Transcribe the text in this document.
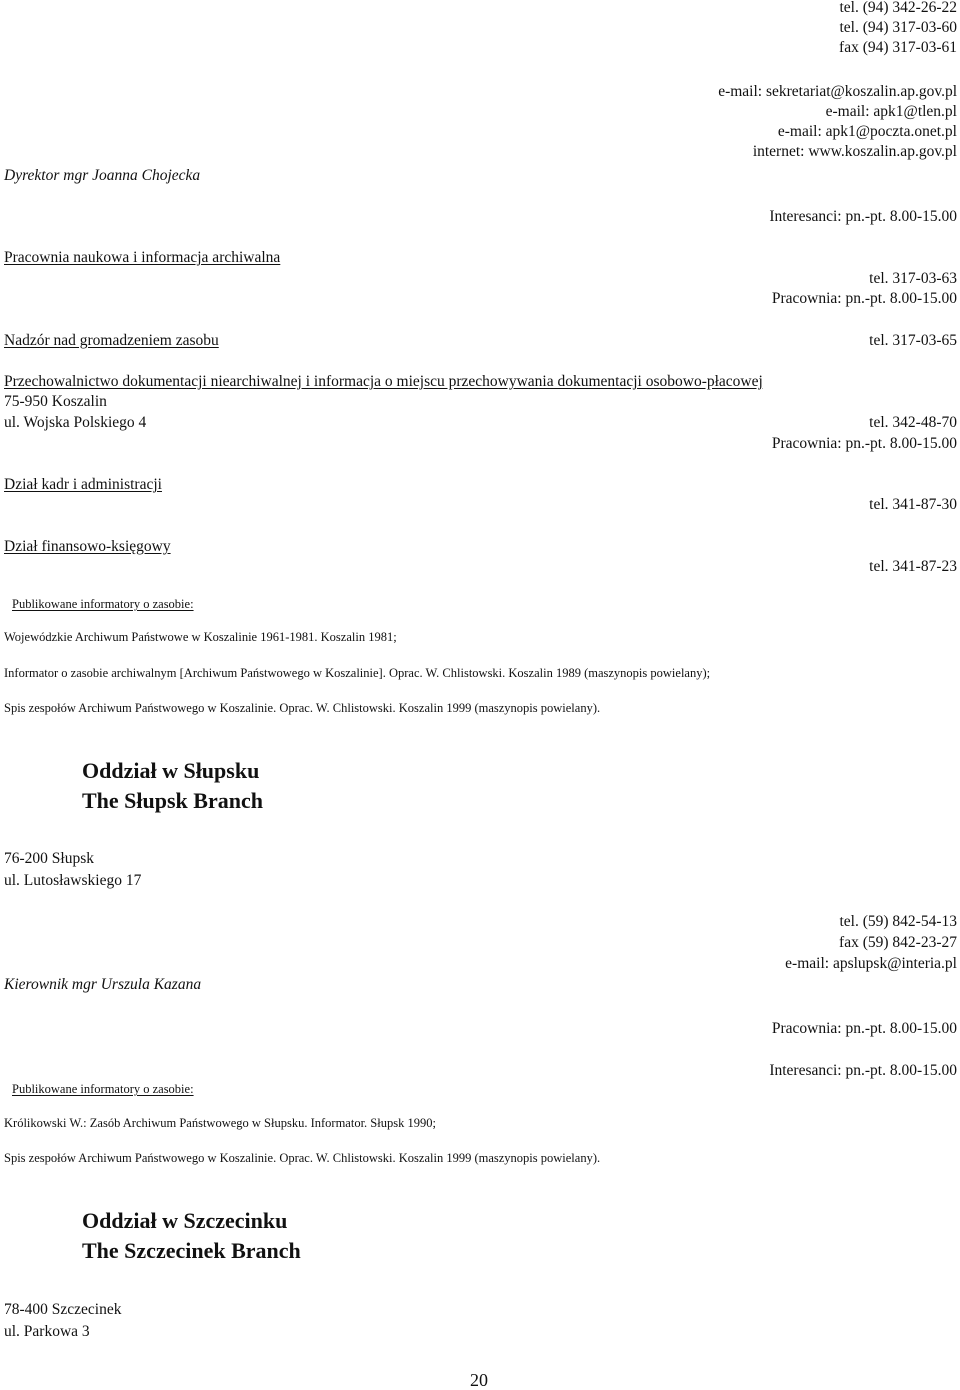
tel. (94) 342-26-22
tel. (94) 317-03-60
fax (94) 317-03-61
e-mail: sekretariat@koszalin.ap.gov.pl
e-mail: apk1@tlen.pl
e-mail: apk1@poczta.onet.pl
internet: www.koszalin.ap.gov.pl
Dyrektor mgr Joanna Chojecka
Interesanci: pn.-pt. 8.00-15.00
Pracownia naukowa i informacja archiwalna
tel. 317-03-63
Pracownia: pn.-pt. 8.00-15.00
Nadzór nad gromadzeniem zasobu	tel. 317-03-65
Przechowalnictwo dokumentacji niearchiwalnej i informacja o miejscu przechowywania dokumentacji osobowo-płacowej
75-950 Koszalin
ul. Wojska Polskiego 4	tel. 342-48-70
Pracownia: pn.-pt. 8.00-15.00
Dział kadr i administracji
tel. 341-87-30
Dział finansowo-księgowy
tel. 341-87-23
Publikowane informatory o zasobie:
Wojewódzkie Archiwum Państwowe w Koszalinie 1961-1981. Koszalin 1981;
Informator o zasobie archiwalnym [Archiwum Państwowego w Koszalinie]. Oprac. W. Chlistowski. Koszalin 1989 (maszynopis powielany);
Spis zespołów Archiwum Państwowego w Koszalinie. Oprac. W. Chlistowski. Koszalin 1999 (maszynopis powielany).
Oddział w Słupsku
The Słupsk Branch
76-200 Słupsk
ul. Lutosławskiego 17
tel. (59) 842-54-13
fax (59) 842-23-27
e-mail: apslupsk@interia.pl
Kierownik mgr Urszula Kazana
Pracownia: pn.-pt. 8.00-15.00
Interesanci: pn.-pt. 8.00-15.00
Publikowane informatory o zasobie:
Królikowski W.: Zasób Archiwum Państwowego w Słupsku. Informator. Słupsk 1990;
Spis zespołów Archiwum Państwowego w Koszalinie. Oprac. W. Chlistowski. Koszalin 1999 (maszynopis powielany).
Oddział w Szczecinku
The Szczecinek Branch
78-400 Szczecinek
ul. Parkowa 3
20
